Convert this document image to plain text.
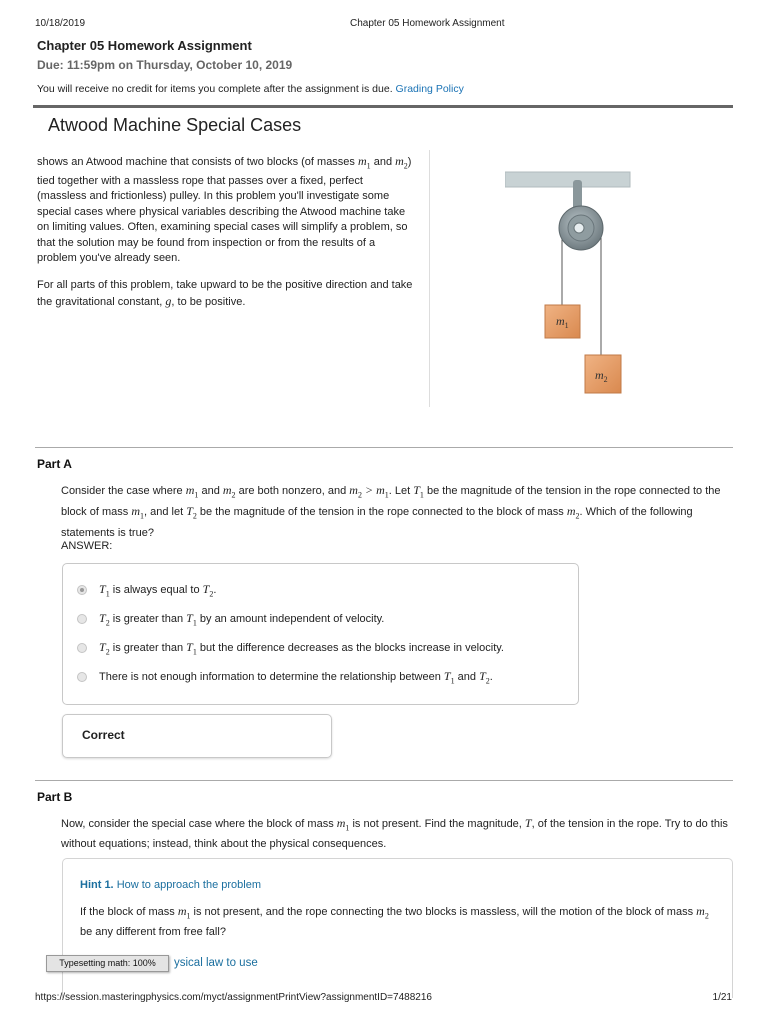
10/18/2019	Chapter 05 Homework Assignment
Chapter 05 Homework Assignment
Due: 11:59pm on Thursday, October 10, 2019
You will receive no credit for items you complete after the assignment is due. Grading Policy
Atwood Machine Special Cases

shows an Atwood machine that consists of two blocks (of masses $m_1$ and $m_2$) tied together with a massless rope that passes over a fixed, perfect (massless and frictionless) pulley. In this problem you'll investigate some special cases where physical variables describing the Atwood machine take on limiting values. Often, examining special cases will simplify a problem, so that the solution may be found from inspection or from the results of a problem you've already seen.

For all parts of this problem, take upward to be the positive direction and take the gravitational constant, g, to be positive.

$m_1$
$m_2$
Part A

Consider the case where $m_1$ and $m_2$ are both nonzero, and $m_2 > m_1$. Let $T_1$ be the magnitude of the tension in the rope connected to the block of mass $m_1$, and let $T_2$ be the magnitude of the tension in the rope connected to the block of mass $m_2$. Which of the following statements is true?

ANSWER:
$T_1$
is always equal to
$T_2$ .
$T_2$
is greater than
$T_1$
by an amount independent of velocity.
$T_2$
is greater than
$T_1$
but the difference decreases as the blocks increase in velocity.
There is not enough information to determine the relationship between
$T_1$
and
$T_2$ .
Correct
Part B

Now, consider the special case where the block of mass $m_1$ is not present. Find the magnitude, T, of the tension in the rope. Try to do this without equations; instead, think about the physical consequences.

Hint 1. How to approach the problem

If the block of mass $m_1$ is not present, and the rope connecting the two blocks is massless, will the motion of the block of mass $m_2$ be any different from free fall?

ysical law to use
Typesetting math: 100%
https://session.masteringphysics.com/myct/assignmentPrintView?assignmentID=7488216	1/21
